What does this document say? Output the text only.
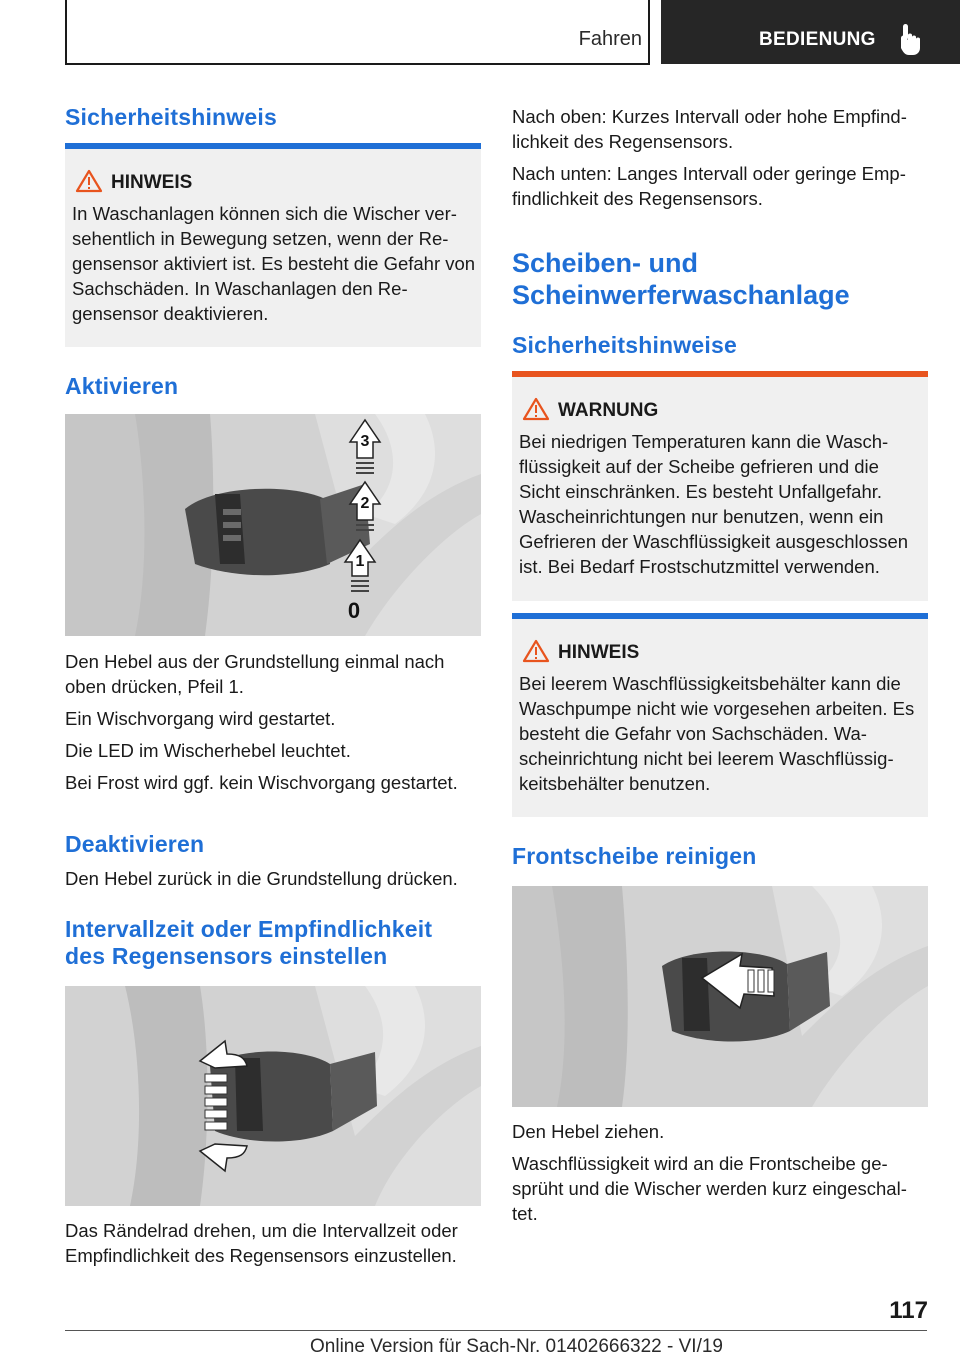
Fahren	BEDIENUNG
Sicherheitshinweis
HINWEIS

In Waschanlagen können sich die Wischer ver-sehentlich in Bewegung setzen, wenn der Re-gensensor aktiviert ist. Es besteht die Gefahr von Sachschäden. In Waschanlagen den Re-gensensor deaktivieren.

Aktivieren
3
2
1
0

Den Hebel aus der Grundstellung einmal nach oben drücken, Pfeil 1.

Ein Wischvorgang wird gestartet.

Die LED im Wischerhebel leuchtet.

Bei Frost wird ggf. kein Wischvorgang gestartet.

Deaktivieren

Den Hebel zurück in die Grundstellung drücken.

Intervallzeit oder Empfindlichkeit
des Regensensors einstellen

Das Rändelrad drehen, um die Intervallzeit oder Empfindlichkeit des Regensensors einzustellen.

Nach oben: Kurzes Intervall oder hohe Empfind-lichkeit des Regensensors.

Nach unten: Langes Intervall oder geringe Emp-findlichkeit des Regensensors.

Scheiben- und
Scheinwerferwaschanlage
Sicherheitshinweise
WARNUNG

Bei niedrigen Temperaturen kann die Wasch-flüssigkeit auf der Scheibe gefrieren und die Sicht einschränken. Es besteht Unfallgefahr. Wascheinrichtungen nur benutzen, wenn ein Gefrieren der Waschflüssigkeit ausgeschlossen ist. Bei Bedarf Frostschutzmittel verwenden.

HINWEIS

Bei leerem Waschflüssigkeitsbehälter kann die Waschpumpe nicht wie vorgesehen arbeiten. Es besteht die Gefahr von Sachschäden. Wa-scheinrichtung nicht bei leerem Waschflüssig-keitsbehälter benutzen.

Frontscheibe reinigen

Den Hebel ziehen.

Waschflüssigkeit wird an die Frontscheibe ge-sprüht und die Wischer werden kurz eingeschal-tet.

117
Online Version für Sach-Nr. 01402666322 - VI/19
